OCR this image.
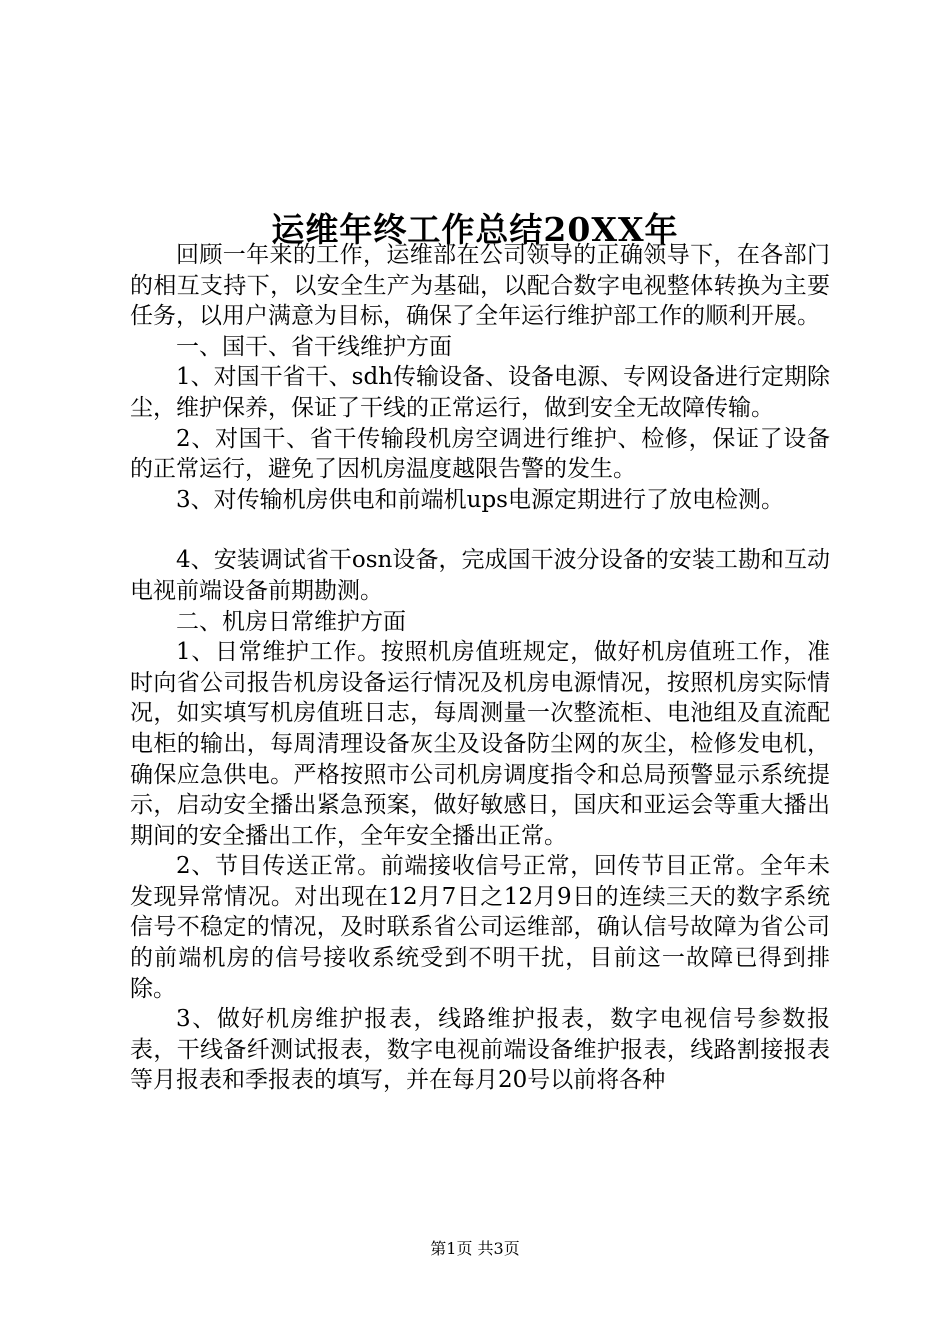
运维年终工作总结20XX年

回顾一年来的工作，运维部在公司领导的正确领导下，在各部门的相互支持下，以安全生产为基础，以配合数字电视整体转换为主要任务，以用户满意为目标，确保了全年运行维护部工作的顺利开展。

一、国干、省干线维护方面

1、对国干省干、sdh传输设备、设备电源、专网设备进行定期除尘，维护保养，保证了干线的正常运行，做到安全无故障传输。

2、对国干、省干传输段机房空调进行维护、检修，保证了设备的正常运行，避免了因机房温度越限告警的发生。

3、对传输机房供电和前端机ups电源定期进行了放电检测。

4、安装调试省干osn设备，完成国干波分设备的安装工勘和互动电视前端设备前期勘测。

二、机房日常维护方面

1、日常维护工作。按照机房值班规定，做好机房值班工作，准时向省公司报告机房设备运行情况及机房电源情况，按照机房实际情况，如实填写机房值班日志，每周测量一次整流柜、电池组及直流配电柜的输出，每周清理设备灰尘及设备防尘网的灰尘，检修发电机，确保应急供电。严格按照市公司机房调度指令和总局预警显示系统提示，启动安全播出紧急预案，做好敏感日，国庆和亚运会等重大播出期间的安全播出工作，全年安全播出正常。

2、节目传送正常。前端接收信号正常，回传节目正常。全年未发现异常情况。对出现在12月7日之12月9日的连续三天的数字系统信号不稳定的情况，及时联系省公司运维部，确认信号故障为省公司的前端机房的信号接收系统受到不明干扰，目前这一故障已得到排除。

3、做好机房维护报表，线路维护报表，数字电视信号参数报表，干线备纤测试报表，数字电视前端设备维护报表，线路割接报表等月报表和季报表的填写，并在每月20号以前将各种

第1页 共3页
